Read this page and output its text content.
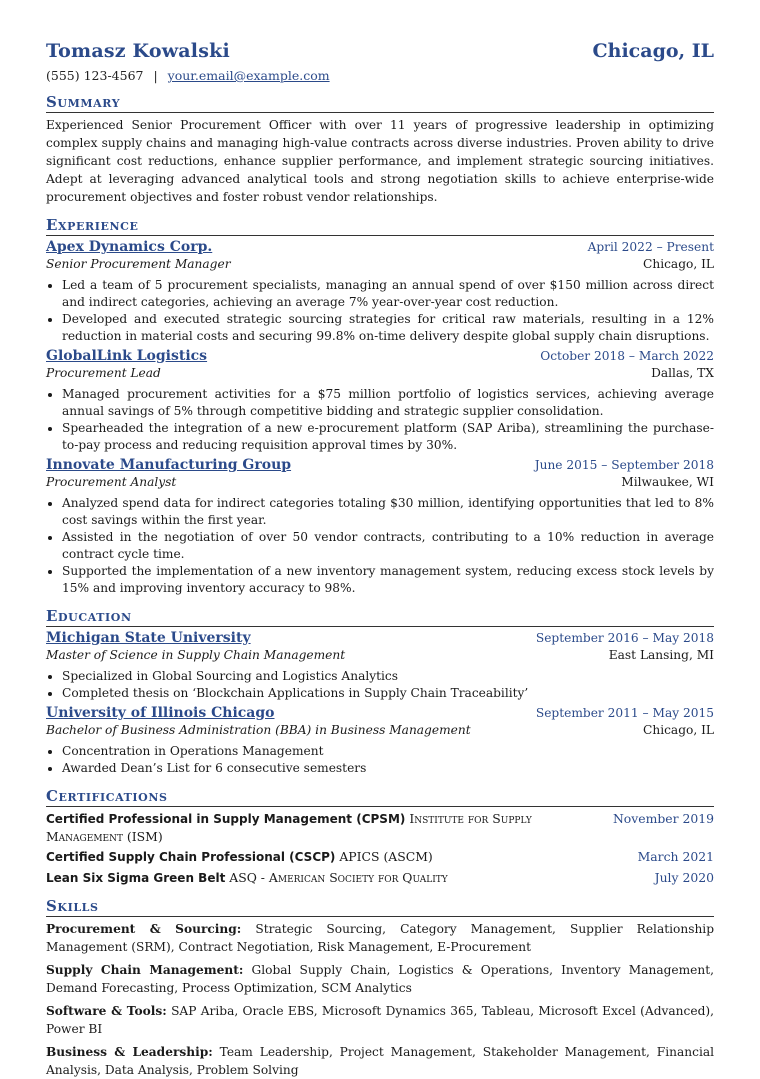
Tomasz Kowalski	Chicago, IL
(555) 123-4567 | your.email@example.com
Summary
Experienced Senior Procurement Officer with over 11 years of progressive leadership in optimizing complex supply chains and managing high-value contracts across diverse industries. Proven ability to drive significant cost reductions, enhance supplier performance, and implement strategic sourcing initiatives. Adept at leveraging advanced analytical tools and strong negotiation skills to achieve enterprise-wide procurement objectives and foster robust vendor relationships.
Experience
Apex Dynamics Corp.	April 2022 – Present
Senior Procurement Manager	Chicago, IL
• Led a team of 5 procurement specialists, managing an annual spend of over $150 million across direct and indirect categories, achieving an average 7% year-over-year cost reduction.
• Developed and executed strategic sourcing strategies for critical raw materials, resulting in a 12% reduction in material costs and securing 99.8% on-time delivery despite global supply chain disruptions.
GlobalLink Logistics	October 2018 – March 2022
Procurement Lead	Dallas, TX
• Managed procurement activities for a $75 million portfolio of logistics services, achieving average annual savings of 5% through competitive bidding and strategic supplier consolidation.
• Spearheaded the integration of a new e-procurement platform (SAP Ariba), streamlining the purchase-to-pay process and reducing requisition approval times by 30%.
Innovate Manufacturing Group	June 2015 – September 2018
Procurement Analyst	Milwaukee, WI
• Analyzed spend data for indirect categories totaling $30 million, identifying opportunities that led to 8% cost savings within the first year.
• Assisted in the negotiation of over 50 vendor contracts, contributing to a 10% reduction in average contract cycle time.
• Supported the implementation of a new inventory management system, reducing excess stock levels by 15% and improving inventory accuracy to 98%.
Education
Michigan State University	September 2016 – May 2018
Master of Science in Supply Chain Management	East Lansing, MI
• Specialized in Global Sourcing and Logistics Analytics
• Completed thesis on ‘Blockchain Applications in Supply Chain Traceability’
University of Illinois Chicago	September 2011 – May 2015
Bachelor of Business Administration (BBA) in Business Management	Chicago, IL
• Concentration in Operations Management
• Awarded Dean’s List for 6 consecutive semesters
Certifications
Certified Professional in Supply Management (CPSM) Institute for Supply Management (ISM)
November 2019
Certified Supply Chain Professional (CSCP) APICS (ASCM)	March 2021
Lean Six Sigma Green Belt ASQ - American Society for Quality	July 2020
Skills
Procurement & Sourcing: Strategic Sourcing, Category Management, Supplier Relationship Management (SRM), Contract Negotiation, Risk Management, E-Procurement
Supply Chain Management: Global Supply Chain, Logistics & Operations, Inventory Management, Demand Forecasting, Process Optimization, SCM Analytics
Software & Tools: SAP Ariba, Oracle EBS, Microsoft Dynamics 365, Tableau, Microsoft Excel (Advanced), Power BI
Business & Leadership: Team Leadership, Project Management, Stakeholder Management, Financial Analysis, Data Analysis, Problem Solving
